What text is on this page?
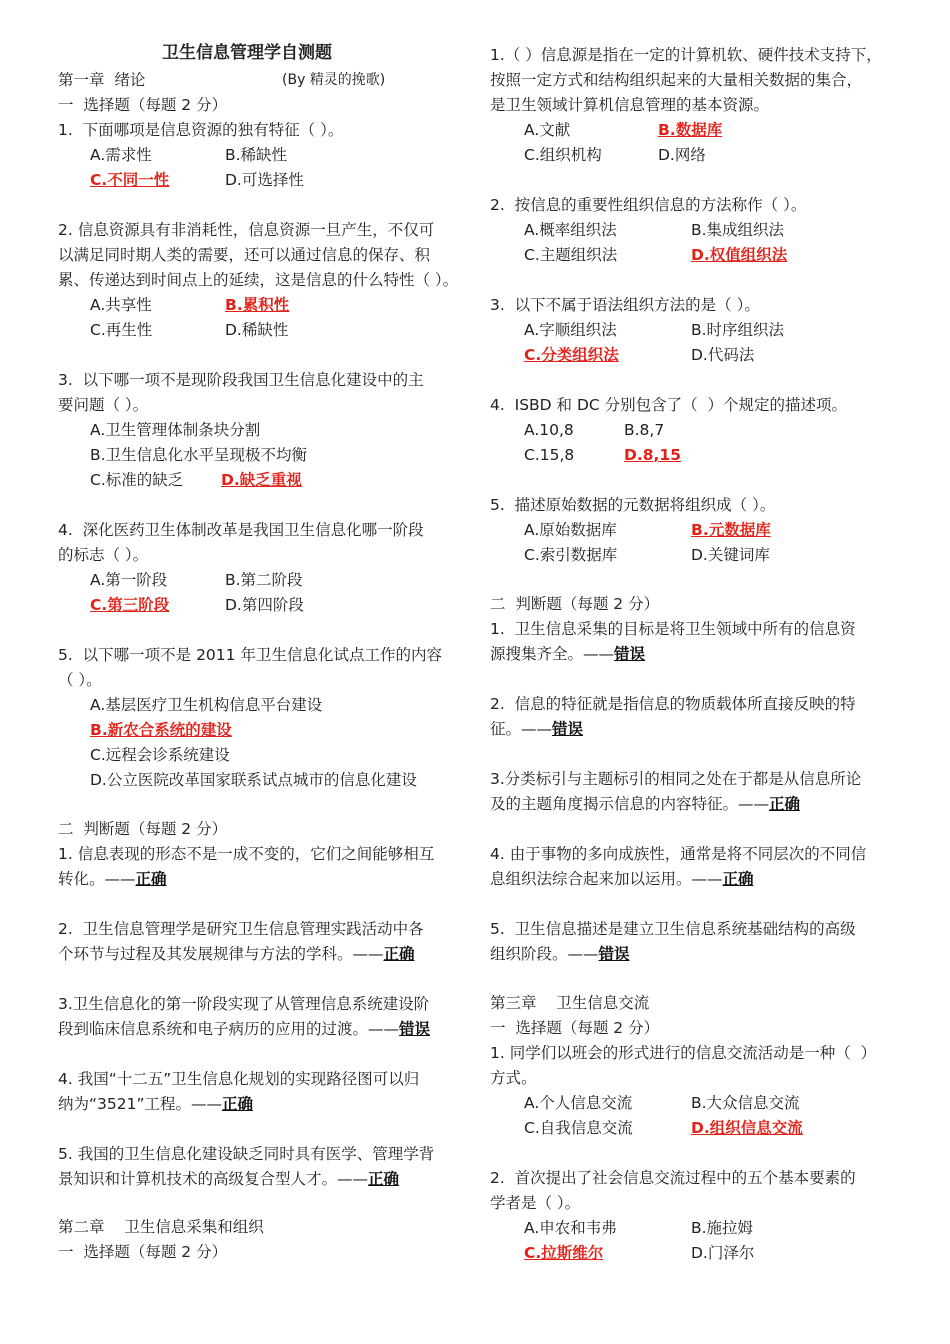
卫生信息管理学自测题
第一章  绪论	(By 精灵的挽歌)
一  选择题（每题 2 分）
1.  下面哪项是信息资源的独有特征（ ）。
A.需求性	B.稀缺性
C.不同一性	D.可选择性
2. 信息资源具有非消耗性，信息资源一旦产生，不仅可
以满足同时期人类的需要，还可以通过信息的保存、积
累、传递达到时间点上的延续，这是信息的什么特性（ ）。
A.共享性	B.累积性
C.再生性	D.稀缺性
3.  以下哪一项不是现阶段我国卫生信息化建设中的主
要问题（ ）。
A.卫生管理体制条块分割
B.卫生信息化水平呈现极不均衡
C.标准的缺乏 D.缺乏重视
4.  深化医药卫生体制改革是我国卫生信息化哪一阶段
的标志（ ）。
A.第一阶段	B.第二阶段
C.第三阶段	D.第四阶段
5.  以下哪一项不是 2011 年卫生信息化试点工作的内容
（ ）。
A.基层医疗卫生机构信息平台建设
B.新农合系统的建设
C.远程会诊系统建设
D.公立医院改革国家联系试点城市的信息化建设
二  判断题（每题 2 分）
1. 信息表现的形态不是一成不变的，它们之间能够相互
转化。——正确
2.  卫生信息管理学是研究卫生信息管理实践活动中各
个环节与过程及其发展规律与方法的学科。——正确
3.卫生信息化的第一阶段实现了从管理信息系统建设阶
段到临床信息系统和电子病历的应用的过渡。——错误
4. 我国“十二五”卫生信息化规划的实现路径图可以归
纳为“3521”工程。——正确
5. 我国的卫生信息化建设缺乏同时具有医学、管理学背
景知识和计算机技术的高级复合型人才。——正确
第二章    卫生信息采集和组织
一  选择题（每题 2 分）
1.（ ）信息源是指在一定的计算机软、硬件技术支持下，
按照一定方式和结构组织起来的大量相关数据的集合，
是卫生领域计算机信息管理的基本资源。
A.文献	B.数据库
C.组织机构	D.网络
2.  按信息的重要性组织信息的方法称作（ ）。
A.概率组织法	B.集成组织法
C.主题组织法	D.权值组织法
3.  以下不属于语法组织方法的是（ ）。
A.字顺组织法	B.时序组织法
C.分类组织法	D.代码法
4.  ISBD 和 DC 分别包含了（  ）个规定的描述项。
A.10,8	B.8,7
C.15,8	D.8,15
5.  描述原始数据的元数据将组织成（ ）。
A.原始数据库	B.元数据库
C.索引数据库	D.关键词库
二  判断题（每题 2 分）
1.  卫生信息采集的目标是将卫生领域中所有的信息资
源搜集齐全。——错误
2.  信息的特征就是指信息的物质载体所直接反映的特
征。——错误
3.分类标引与主题标引的相同之处在于都是从信息所论
及的主题角度揭示信息的内容特征。——正确
4. 由于事物的多向成族性，通常是将不同层次的不同信
息组织法综合起来加以运用。——正确
5.  卫生信息描述是建立卫生信息系统基础结构的高级
组织阶段。——错误
第三章    卫生信息交流
一  选择题（每题 2 分）
1. 同学们以班会的形式进行的信息交流活动是一种（  ）
方式。
A.个人信息交流	B.大众信息交流
C.自我信息交流	D.组织信息交流
2.  首次提出了社会信息交流过程中的五个基本要素的
学者是（ ）。
A.申农和韦弗	B.施拉姆
C.拉斯维尔	D.门泽尔
